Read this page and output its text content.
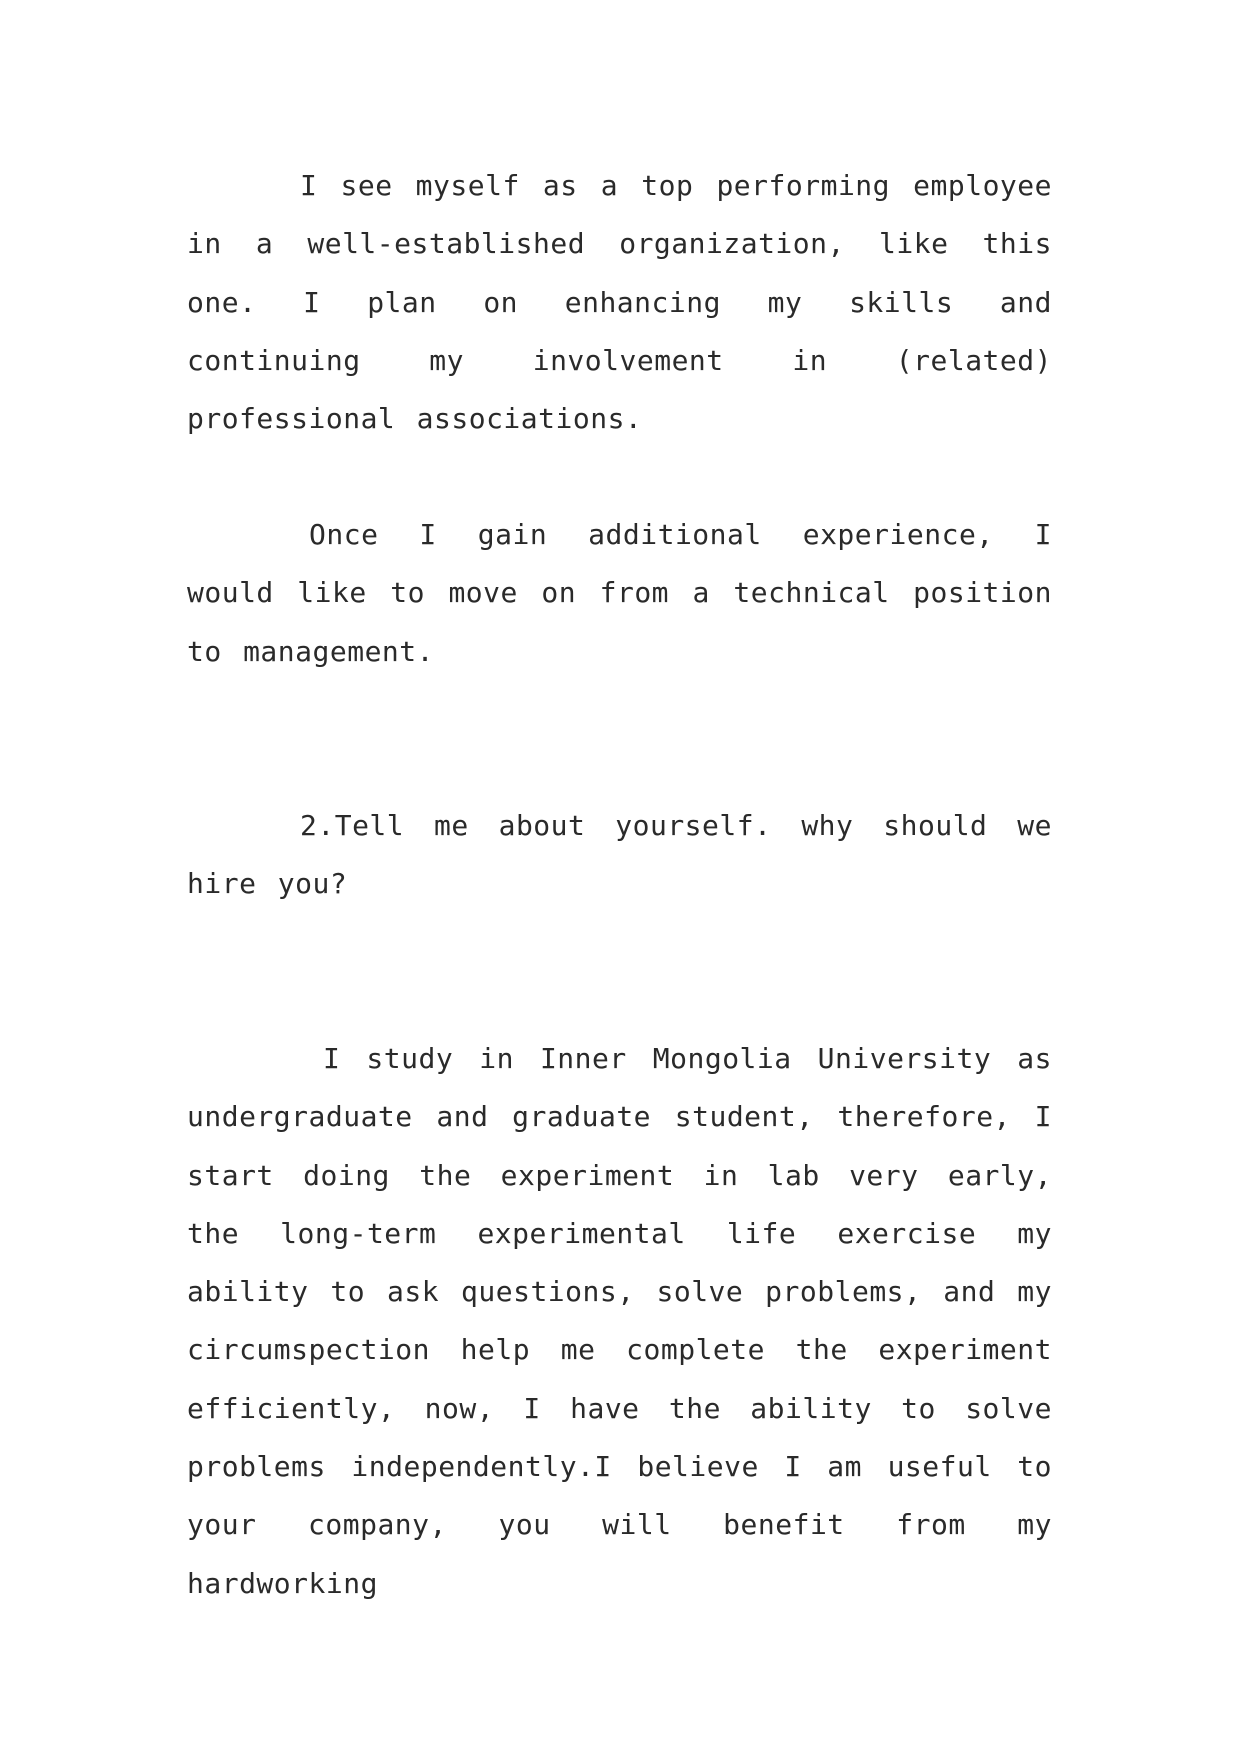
I see myself as a top performing employee in a well-established organization, like this one. I plan on enhancing my skills and continuing my involvement in (related) professional associations.

Once I gain additional experience, I would like to move on from a technical position to management.

2.Tell me about yourself. why should we hire you?

I study in Inner Mongolia University as undergraduate and graduate student, therefore, I start doing the experiment in lab very early, the long-term experimental life exercise my ability to ask questions, solve problems, and my circumspection help me complete the experiment efficiently, now, I have the ability to solve problems independently.I believe I am useful to your company, you will benefit from my hardworking
